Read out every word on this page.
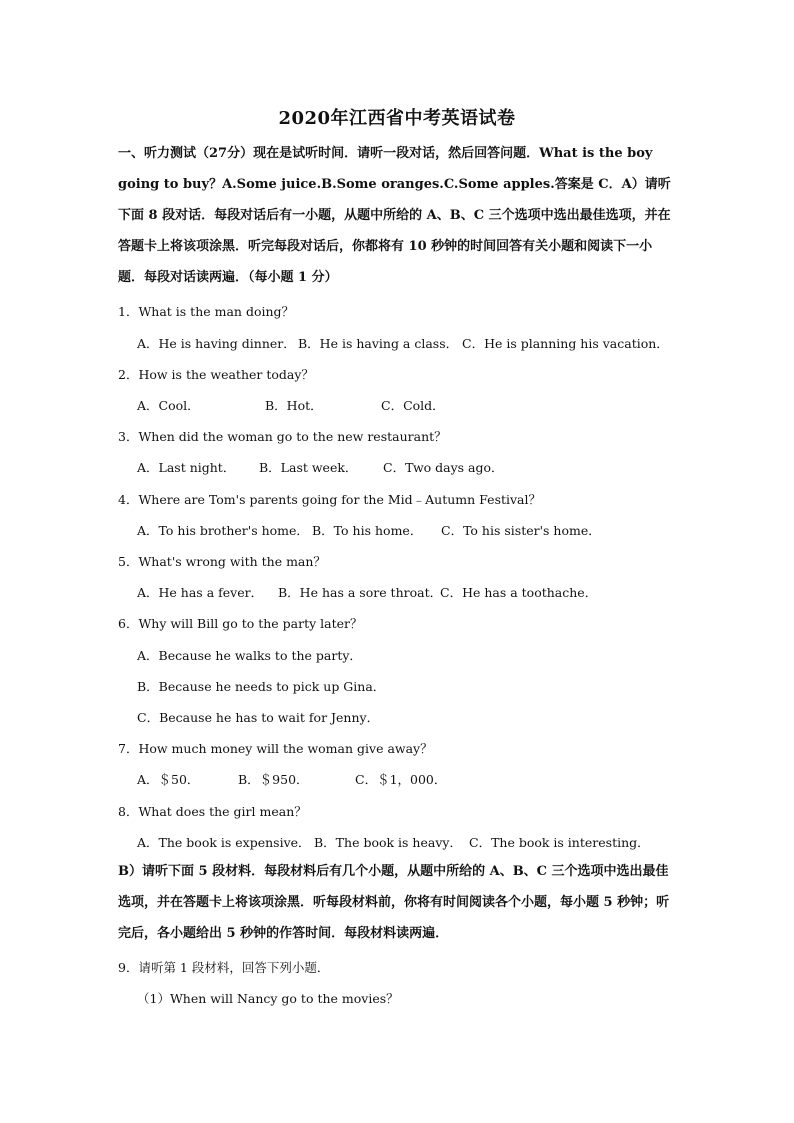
2020年江西省中考英语试卷
一、听力测试（27分）现在是试听时间．请听一段对话，然后回答问题．What is the boy going to buy？A.Some juice.B.Some oranges.C.Some apples.答案是 C．A）请听下面 8 段对话．每段对话后有一小题，从题中所给的 A、B、C 三个选项中选出最佳选项，并在答题卡上将该项涂黑．听完每段对话后，你都将有 10 秒钟的时间回答有关小题和阅读下一小题．每段对话读两遍．（每小题 1 分）
1．What is the man doing？
A．He is having dinner． B．He is having a class． C．He is planning his vacation．
2．How is the weather today？
A．Cool．	B．Hot．	C．Cold．
3．When did the woman go to the new restaurant？
A．Last night． B．Last week． C．Two days ago．
4．Where are Tom's parents going for the Mid﹣Autumn Festival？
A．To his brother's home． B．To his home． C．To his sister's home．
5．What's wrong with the man？
A．He has a fever． B．He has a sore throat．
C．He has a toothache．
6．Why will Bill go to the party later？
A．Because he walks to the party．
B．Because he needs to pick up Gina．
C．Because he has to wait for Jenny．
7．How much money will the woman give away？
A．＄50．	B．＄950．	C．＄1，000．
8．What does the girl mean？
A．The book is expensive． B．The book is heavy． C．The book is interesting．
B）请听下面 5 段材料．每段材料后有几个小题，从题中所给的 A、B、C 三个选项中选出最佳选项，并在答题卡上将该项涂黑．听每段材料前，你将有时间阅读各个小题，每小题 5 秒钟；听完后，各小题给出 5 秒钟的作答时间．每段材料读两遍．
9．请听第 1 段材料，回答下列小题．
（1）When will Nancy go to the movies？
